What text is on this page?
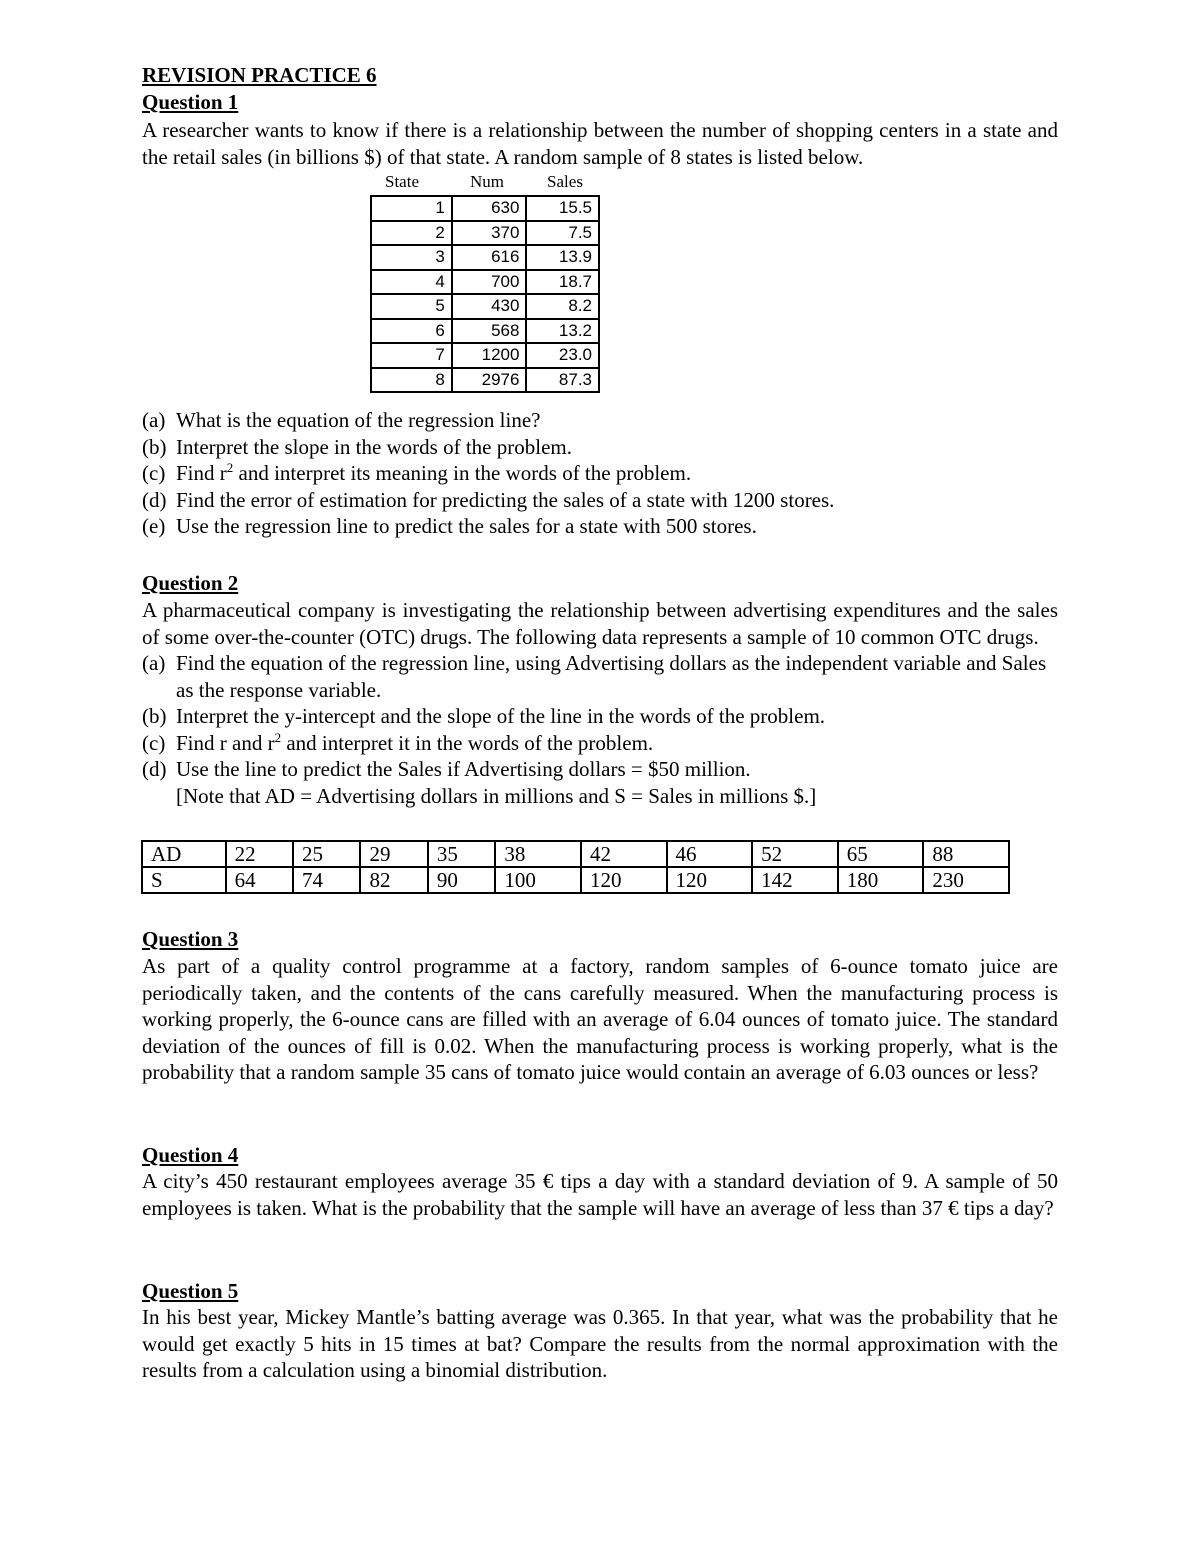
REVISION PRACTICE 6
Question 1

A researcher wants to know if there is a relationship between the number of shopping centers in a state and the retail sales (in billions $) of that state. A random sample of 8 states is listed below.

State	Num	Sales
1	630	15.5
2	370	7.5
3	616	13.9
4	700	18.7
5	430	8.2
6	568	13.2
7	1200	23.0
8	2976	87.3
(a) What is the equation of the regression line?
(b) Interpret the slope in the words of the problem.
(c) Find $r^2$ and interpret its meaning in the words of the problem.
(d) Find the error of estimation for predicting the sales of a state with 1200 stores.
(e) Use the regression line to predict the sales for a state with 500 stores.
Question 2

A pharmaceutical company is investigating the relationship between advertising expenditures and the sales of some over-the-counter (OTC) drugs. The following data represents a sample of 10 common OTC drugs.

(a) Find the equation of the regression line, using Advertising dollars as the independent variable and Sales as the response variable.
(b) Interpret the y-intercept and the slope of the line in the words of the problem.
(c) Find r and $r^2$ and interpret it in the words of the problem.
(d) Use the line to predict the Sales if Advertising dollars = $50 million.
[Note that AD = Advertising dollars in millions and S = Sales in millions $.]
AD	22	25	29	35	38	42	46	52	65	88
S	64	74	82	90	100	120	120	142	180	230
Question 3

As part of a quality control programme at a factory, random samples of 6-ounce tomato juice are periodically taken, and the contents of the cans carefully measured. When the manufacturing process is working properly, the 6-ounce cans are filled with an average of 6.04 ounces of tomato juice. The standard deviation of the ounces of fill is 0.02. When the manufacturing process is working properly, what is the probability that a random sample 35 cans of tomato juice would contain an average of 6.03 ounces or less?

Question 4

A city’s 450 restaurant employees average 35 € tips a day with a standard deviation of 9. A sample of 50 employees is taken. What is the probability that the sample will have an average of less than 37 € tips a day?

Question 5

In his best year, Mickey Mantle’s batting average was 0.365. In that year, what was the probability that he would get exactly 5 hits in 15 times at bat? Compare the results from the normal approximation with the results from a calculation using a binomial distribution.
